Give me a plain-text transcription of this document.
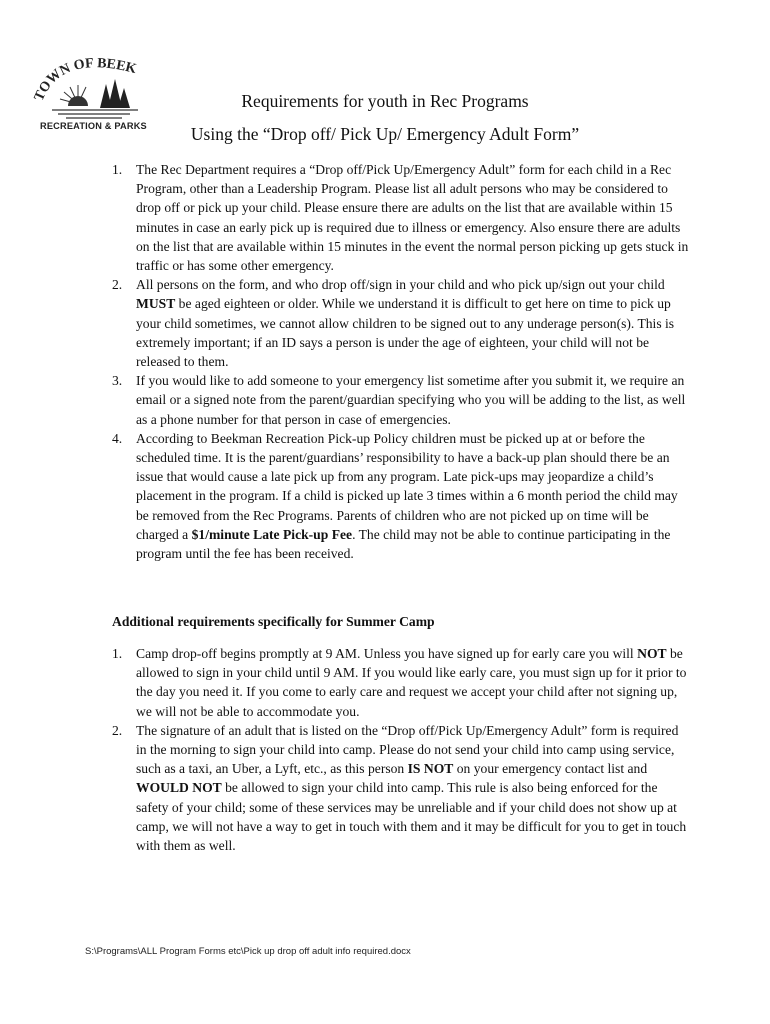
TOWN OF BEEK
RECREATION & PARKS
Requirements for youth in Rec Programs
Using the “Drop off/ Pick Up/ Emergency Adult Form”
1. The Rec Department requires a “Drop off/Pick Up/Emergency Adult” form for each child in a Rec Program, other than a Leadership Program. Please list all adult persons who may be considered to drop off or pick up your child. Please ensure there are adults on the list that are available within 15 minutes in case an early pick up is required due to illness or emergency. Also ensure there are adults on the list that are available within 15 minutes in the event the normal person picking up gets stuck in traffic or has some other emergency.
2. All persons on the form, and who drop off/sign in your child and who pick up/sign out your child MUST be aged eighteen or older. While we understand it is difficult to get here on time to pick up your child sometimes, we cannot allow children to be signed out to any underage person(s). This is extremely important; if an ID says a person is under the age of eighteen, your child will not be released to them.
3. If you would like to add someone to your emergency list sometime after you submit it, we require an email or a signed note from the parent/guardian specifying who you will be adding to the list, as well as a phone number for that person in case of emergencies.
4. According to Beekman Recreation Pick-up Policy children must be picked up at or before the scheduled time. It is the parent/guardians’ responsibility to have a back-up plan should there be an issue that would cause a late pick up from any program. Late pick-ups may jeopardize a child’s placement in the program. If a child is picked up late 3 times within a 6 month period the child may be removed from the Rec Programs. Parents of children who are not picked up on time will be charged a $1/minute Late Pick-up Fee. The child may not be able to continue participating in the program until the fee has been received.
Additional requirements specifically for Summer Camp
1. Camp drop-off begins promptly at 9 AM. Unless you have signed up for early care you will NOT be allowed to sign in your child until 9 AM. If you would like early care, you must sign up for it prior to the day you need it. If you come to early care and request we accept your child after not signing up, we will not be able to accommodate you.
2. The signature of an adult that is listed on the “Drop off/Pick Up/Emergency Adult” form is required in the morning to sign your child into camp. Please do not send your child into camp using service, such as a taxi, an Uber, a Lyft, etc., as this person IS NOT on your emergency contact list and WOULD NOT be allowed to sign your child into camp. This rule is also being enforced for the safety of your child; some of these services may be unreliable and if your child does not show up at camp, we will not have a way to get in touch with them and it may be difficult for you to get in touch with them as well.
S:\Programs\ALL Program Forms etc\Pick up drop off adult info required.docx
